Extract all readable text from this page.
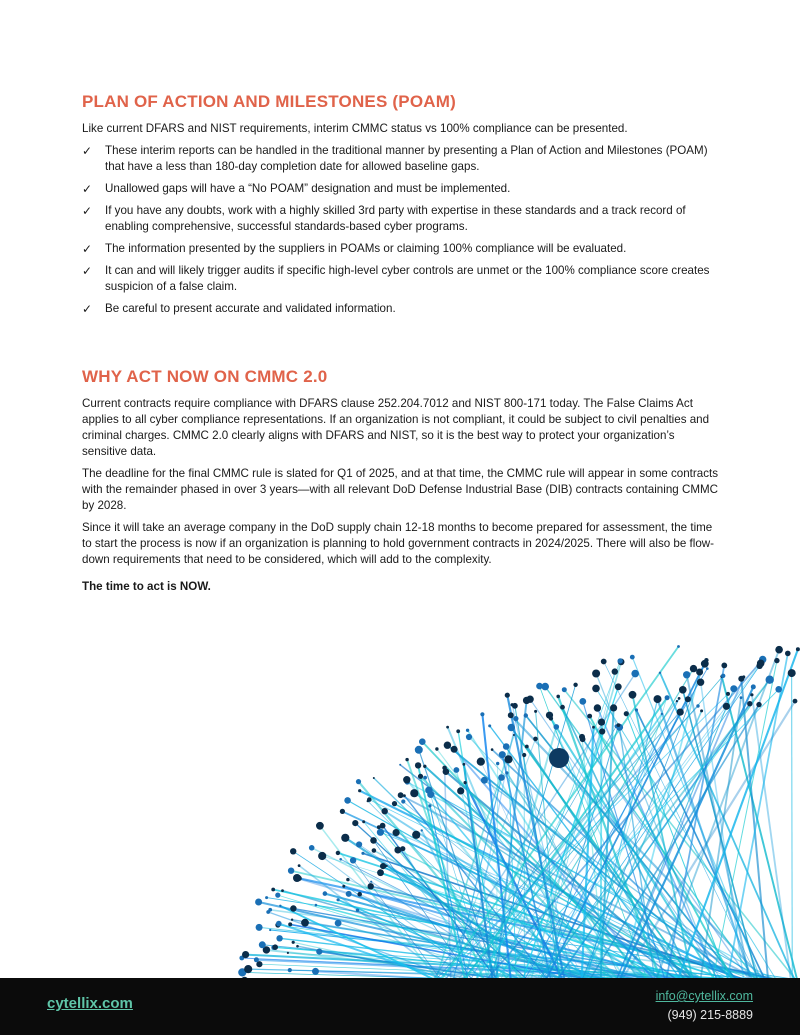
PLAN OF ACTION AND MILESTONES (POAM)

Like current DFARS and NIST requirements, interim CMMC status vs 100% compliance can be presented.

✓ These interim reports can be handled in the traditional manner by presenting a Plan of Action and Milestones (POAM) that have a less than 180-day completion date for allowed baseline gaps.
✓ Unallowed gaps will have a “No POAM” designation and must be implemented.
✓ If you have any doubts, work with a highly skilled 3rd party with expertise in these standards and a track record of enabling comprehensive, successful standards-based cyber programs.
✓ The information presented by the suppliers in POAMs or claiming 100% compliance will be evaluated.
✓ It can and will likely trigger audits if specific high-level cyber controls are unmet or the 100% compliance score creates suspicion of a false claim.
✓ Be careful to present accurate and validated information.
WHY ACT NOW ON CMMC 2.0

Current contracts require compliance with DFARS clause 252.204.7012 and NIST 800-171 today. The False Claims Act applies to all cyber compliance representations. If an organization is not compliant, it could be subject to civil penalties and criminal charges. CMMC 2.0 clearly aligns with DFARS and NIST, so it is the best way to protect your organization’s sensitive data.

The deadline for the final CMMC rule is slated for Q1 of 2025, and at that time, the CMMC rule will appear in some contracts with the remainder phased in over 3 years—with all relevant DoD Defense Industrial Base (DIB) contracts containing CMMC by 2028.

Since it will take an average company in the DoD supply chain 12-18 months to become prepared for assessment, the time to start the process is now if an organization is planning to hold government contracts in 2024/2025. There will also be flow-down requirements that need to be considered, which will add to the complexity.

The time to act is NOW.

cytellix.com	info@cytellix.com
(949) 215-8889
